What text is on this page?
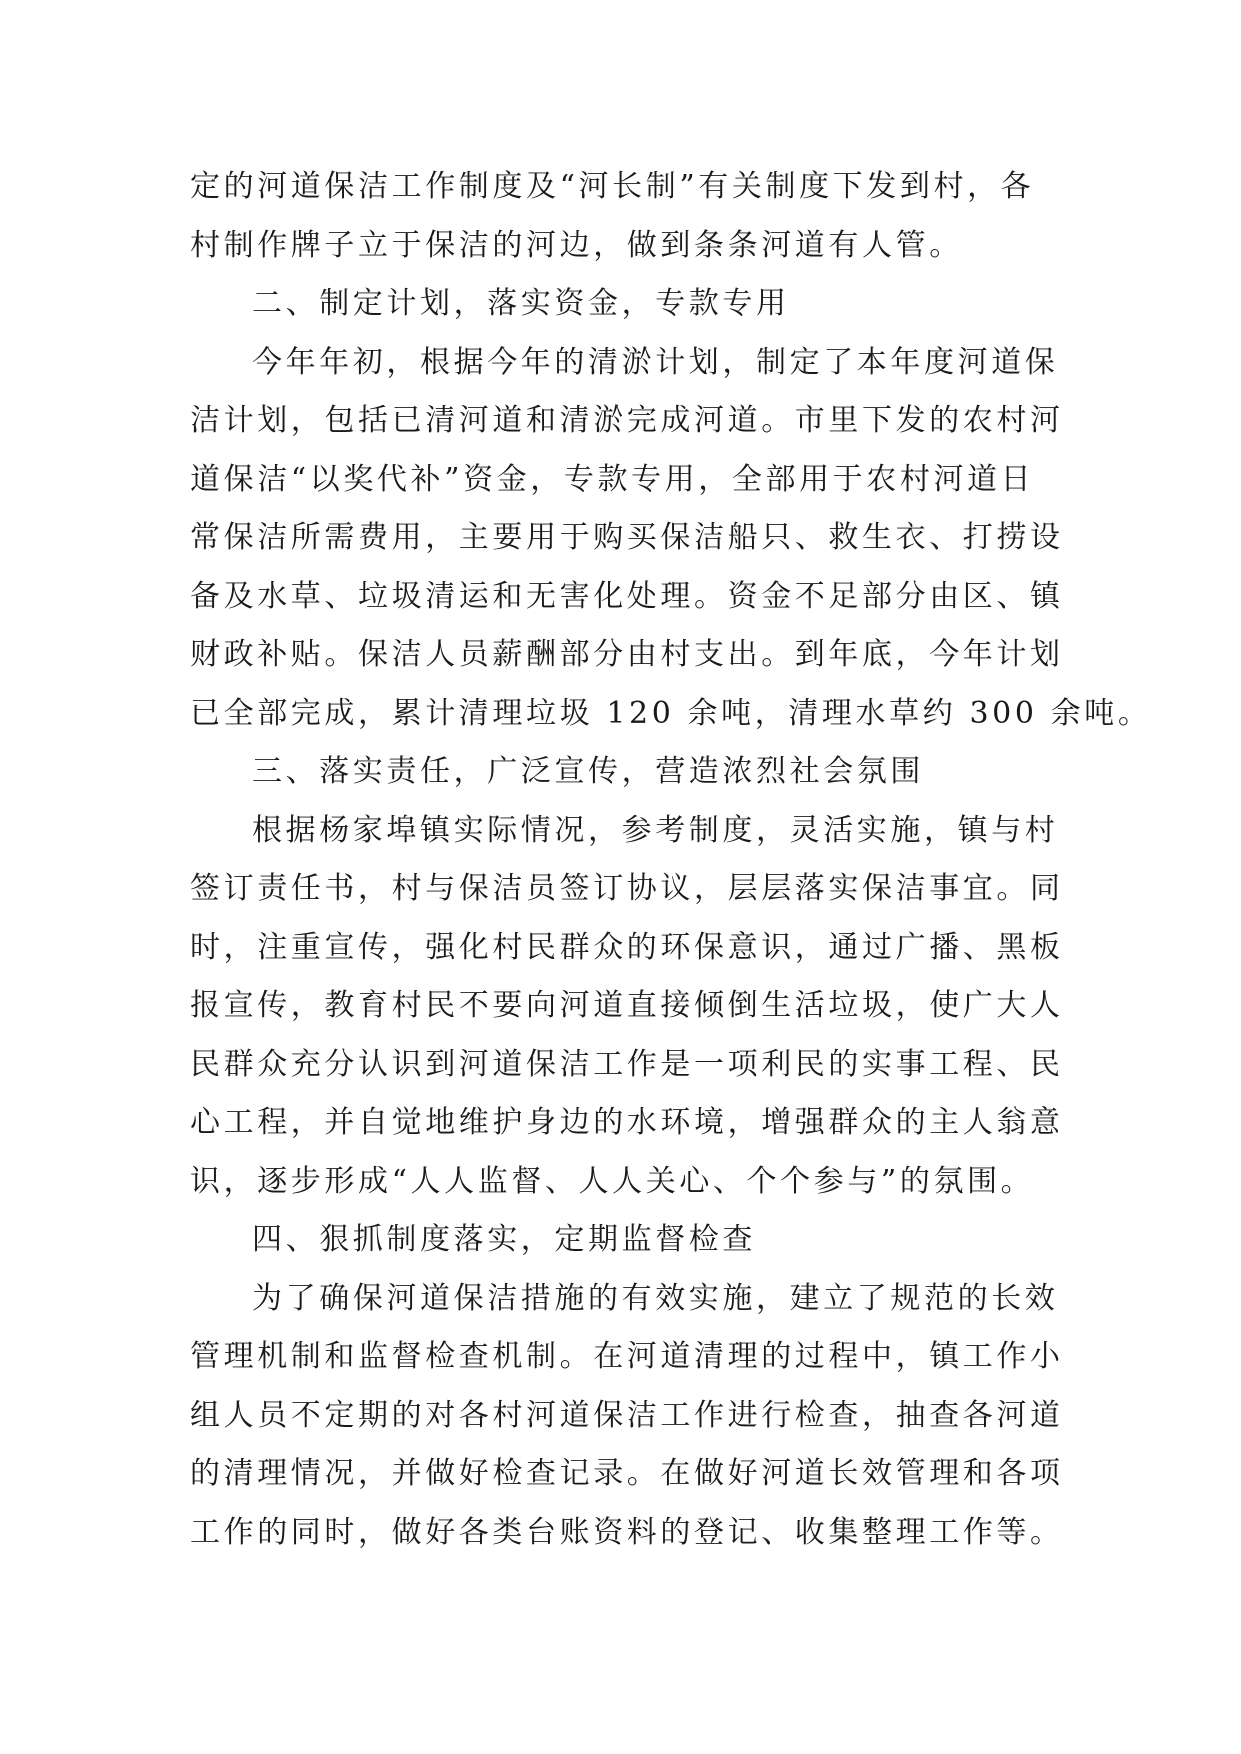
定的河道保洁工作制度及“河长制”有关制度下发到村，各
村制作牌子立于保洁的河边，做到条条河道有人管。
二、制定计划，落实资金，专款专用
今年年初，根据今年的清淤计划，制定了本年度河道保
洁计划，包括已清河道和清淤完成河道。市里下发的农村河
道保洁“以奖代补”资金，专款专用，全部用于农村河道日
常保洁所需费用，主要用于购买保洁船只、救生衣、打捞设
备及水草、垃圾清运和无害化处理。资金不足部分由区、镇
财政补贴。保洁人员薪酬部分由村支出。到年底，今年计划
已全部完成，累计清理垃圾 120 余吨，清理水草约 300 余吨。
三、落实责任，广泛宣传，营造浓烈社会氛围
根据杨家埠镇实际情况，参考制度，灵活实施，镇与村
签订责任书，村与保洁员签订协议，层层落实保洁事宜。同
时，注重宣传，强化村民群众的环保意识，通过广播、黑板
报宣传，教育村民不要向河道直接倾倒生活垃圾，使广大人
民群众充分认识到河道保洁工作是一项利民的实事工程、民
心工程，并自觉地维护身边的水环境，增强群众的主人翁意
识，逐步形成“人人监督、人人关心、个个参与”的氛围。
四、狠抓制度落实，定期监督检查
为了确保河道保洁措施的有效实施，建立了规范的长效
管理机制和监督检查机制。在河道清理的过程中，镇工作小
组人员不定期的对各村河道保洁工作进行检查，抽查各河道
的清理情况，并做好检查记录。在做好河道长效管理和各项
工作的同时，做好各类台账资料的登记、收集整理工作等。
